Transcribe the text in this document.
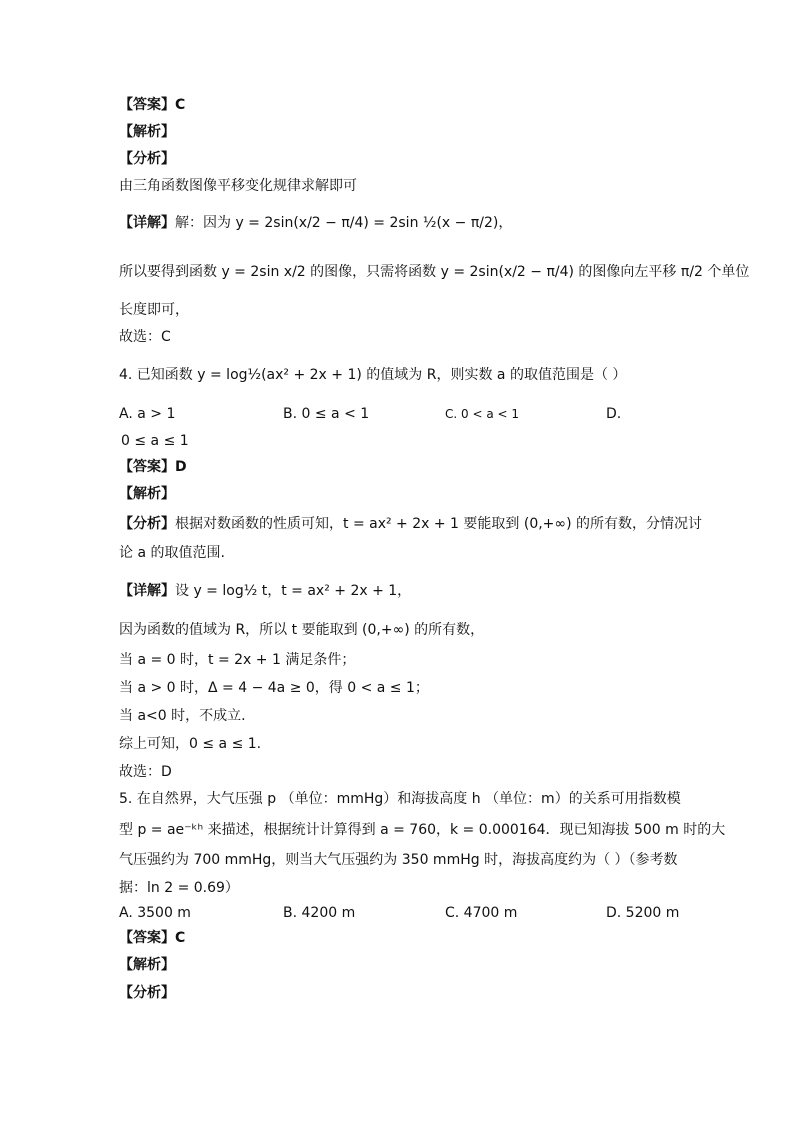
【答案】C
【解析】
【分析】
由三角函数图像平移变化规律求解即可
【详解】解：因为 y = 2sin(x/2 − π/4) = 2sin ½(x − π/2)，
所以要得到函数 y = 2sin x/2 的图像，只需将函数 y = 2sin(x/2 − π/4) 的图像向左平移 π/2 个单位
长度即可，
故选：C
4. 已知函数 y = log½(ax² + 2x + 1) 的值域为 R，则实数 a 的取值范围是（ ）
A. a > 1	B. 0 ≤ a < 1	C. 0 < a < 1	D.
0 ≤ a ≤ 1
【答案】D
【解析】
【分析】根据对数函数的性质可知，t = ax² + 2x + 1 要能取到 (0,+∞) 的所有数，分情况讨
论 a 的取值范围.
【详解】设 y = log½ t，t = ax² + 2x + 1，
因为函数的值域为 R，所以 t 要能取到 (0,+∞) 的所有数，
当 a = 0 时，t = 2x + 1 满足条件；
当 a > 0 时，Δ = 4 − 4a ≥ 0，得 0 < a ≤ 1；
当 a<0 时，不成立.
综上可知，0 ≤ a ≤ 1.
故选：D
5. 在自然界，大气压强 p （单位：mmHg）和海拔高度 h （单位：m）的关系可用指数模
型 p = ae⁻ᵏʰ 来描述，根据统计计算得到 a = 760，k = 0.000164．现已知海拔 500 m 时的大
气压强约为 700 mmHg，则当大气压强约为 350 mmHg 时，海拔高度约为（ ）（参考数
据：ln 2 = 0.69）
A. 3500 m	B. 4200 m	C. 4700 m	D. 5200 m
【答案】C
【解析】
【分析】
